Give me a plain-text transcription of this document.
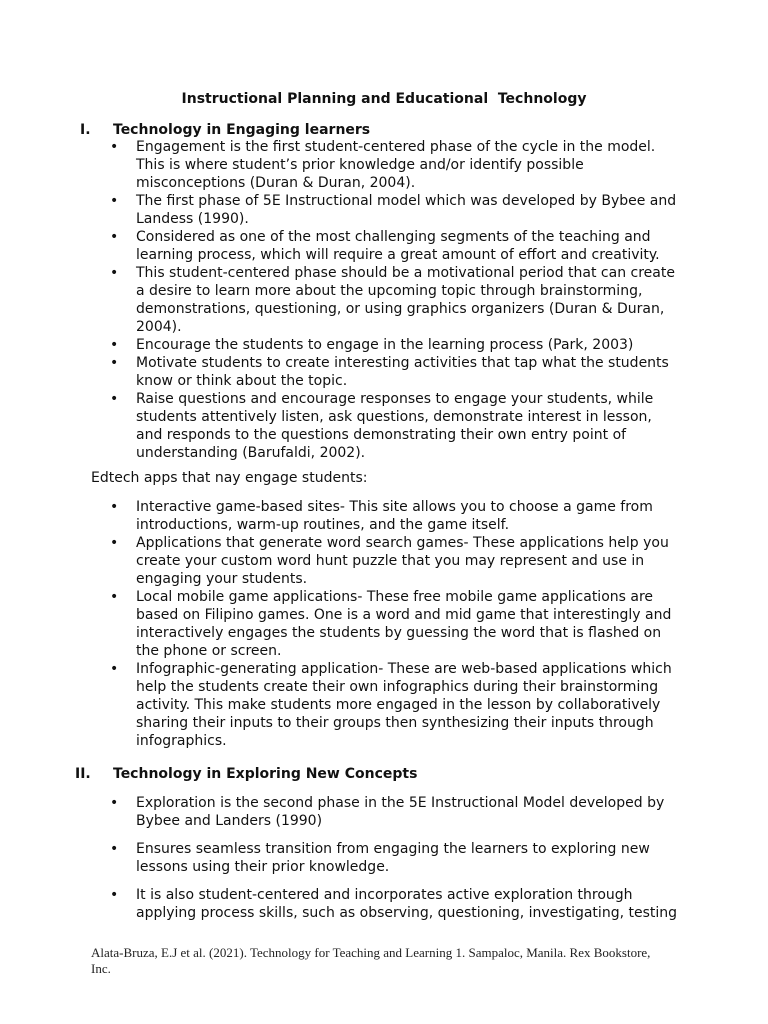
Instructional Planning and Educational  Technology
I. Technology in Engaging learners
• Engagement is the first student-centered phase of the cycle in the model. This is where student’s prior knowledge and/or identify possible misconceptions (Duran & Duran, 2004).
• The first phase of 5E Instructional model which was developed by Bybee and Landess (1990).
• Considered as one of the most challenging segments of the teaching and learning process, which will require a great amount of effort and creativity.
• This student-centered phase should be a motivational period that can create a desire to learn more about the upcoming topic through brainstorming, demonstrations, questioning, or using graphics organizers (Duran & Duran, 2004).
• Encourage the students to engage in the learning process (Park, 2003)
• Motivate students to create interesting activities that tap what the students know or think about the topic.
• Raise questions and encourage responses to engage your students, while students attentively listen, ask questions, demonstrate interest in lesson, and responds to the questions demonstrating their own entry point of understanding (Barufaldi, 2002).
Edtech apps that nay engage students:
• Interactive game-based sites- This site allows you to choose a game from introductions, warm-up routines, and the game itself.
• Applications that generate word search games- These applications help you create your custom word hunt puzzle that you may represent and use in engaging your students.
• Local mobile game applications- These free mobile game applications are based on Filipino games. One is a word and mid game that interestingly and interactively engages the students by guessing the word that is flashed on the phone or screen.
• Infographic-generating application- These are web-based applications which help the students create their own infographics during their brainstorming activity. This make students more engaged in the lesson by collaboratively sharing their inputs to their groups then synthesizing their inputs through infographics.
II. Technology in Exploring New Concepts
• Exploration is the second phase in the 5E Instructional Model developed by Bybee and Landers (1990)
• Ensures seamless transition from engaging the learners to exploring new lessons using their prior knowledge.
• It is also student-centered and incorporates active exploration through applying process skills, such as observing, questioning, investigating, testing
Alata-Bruza, E.J et al. (2021). Technology for Teaching and Learning 1. Sampaloc, Manila. Rex Bookstore, Inc.
